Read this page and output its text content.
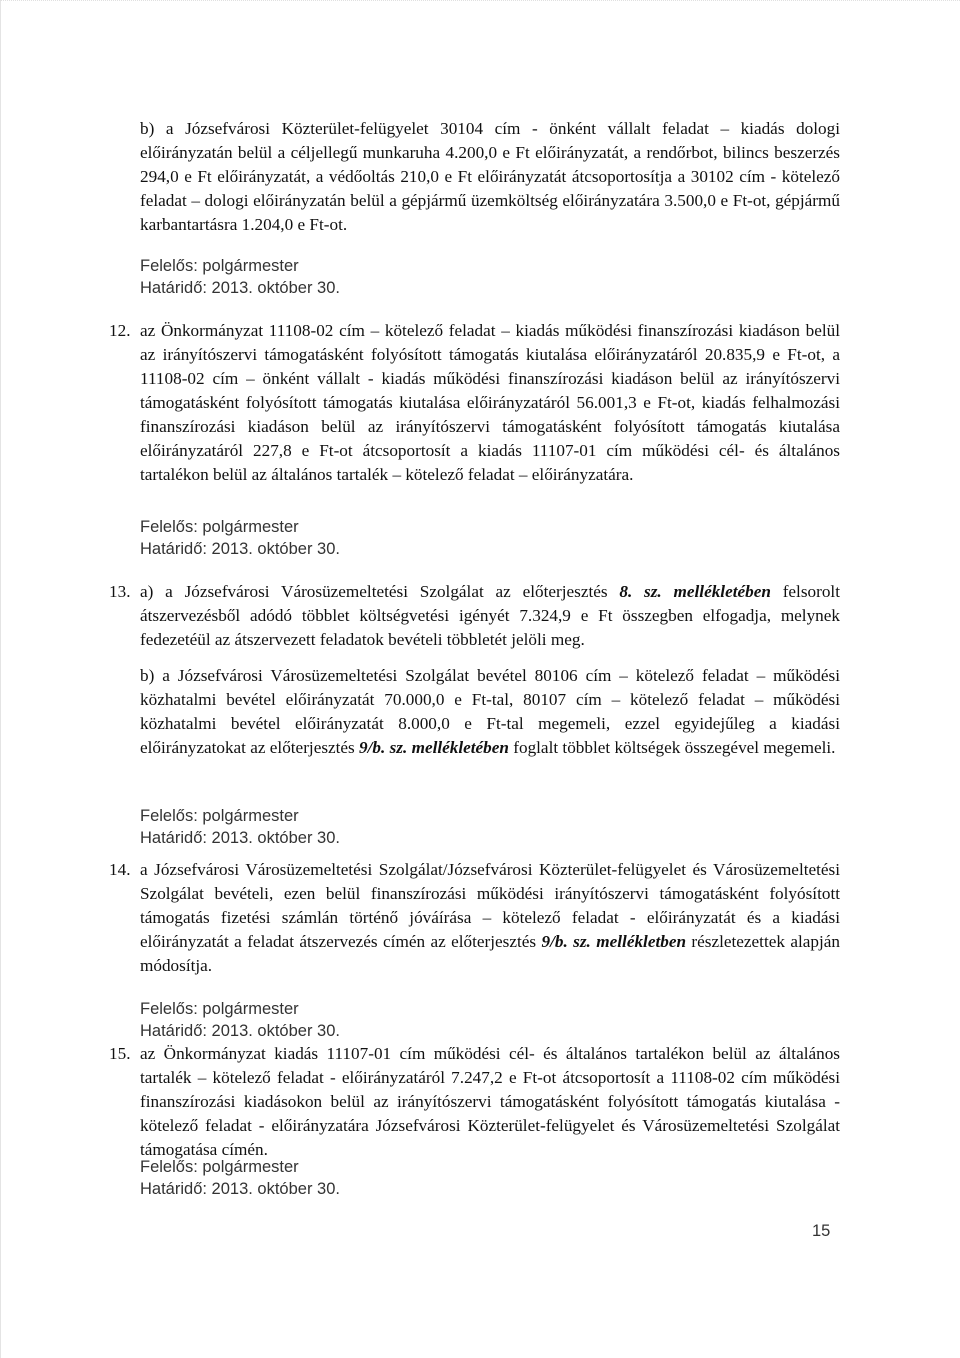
b) a Józsefvárosi Közterület-felügyelet 30104 cím - önként vállalt feladat – kiadás dologi előirányzatán belül a céljellegű munkaruha 4.200,0 e Ft előirányzatát, a rendőrbot, bilincs beszerzés 294,0 e Ft előirányzatát, a védőoltás 210,0 e Ft előirányzatát átcsoportosítja a 30102 cím - kötelező feladat – dologi előirányzatán belül a gépjármű üzemköltség előirányzatára 3.500,0 e Ft-ot, gépjármű karbantartásra 1.204,0 e Ft-ot.
Felelős: polgármester
Határidő: 2013. október 30.
12. az Önkormányzat 11108-02 cím – kötelező feladat – kiadás működési finanszírozási kiadáson belül az irányítószervi támogatásként folyósított támogatás kiutalása előirányzatáról 20.835,9 e Ft-ot, a 11108-02 cím – önként vállalt - kiadás működési finanszírozási kiadáson belül az irányítószervi támogatásként folyósított támogatás kiutalása előirányzatáról 56.001,3 e Ft-ot, kiadás felhalmozási finanszírozási kiadáson belül az irányítószervi támogatásként folyósított támogatás kiutalása előirányzatáról 227,8 e Ft-ot átcsoportosít a kiadás 11107-01 cím működési cél- és általános tartalékon belül az általános tartalék – kötelező feladat – előirányzatára.
Felelős: polgármester
Határidő: 2013. október 30.
13. a) a Józsefvárosi Városüzemeltetési Szolgálat az előterjesztés 8. sz. mellékletében felsorolt átszervezésből adódó többlet költségvetési igényét 7.324,9 e Ft összegben elfogadja, melynek fedezetéül az átszervezett feladatok bevételi többletét jelöli meg.
b) a Józsefvárosi Városüzemeltetési Szolgálat bevétel 80106 cím – kötelező feladat – működési közhatalmi bevétel előirányzatát 70.000,0 e Ft-tal, 80107 cím – kötelező feladat – működési közhatalmi bevétel előirányzatát 8.000,0 e Ft-tal megemeli, ezzel egyidejűleg a kiadási előirányzatokat az előterjesztés 9/b. sz. mellékletében foglalt többlet költségek összegével megemeli.
Felelős: polgármester
Határidő: 2013. október 30.
14. a Józsefvárosi Városüzemeltetési Szolgálat/Józsefvárosi Közterület-felügyelet és Városüzemeltetési Szolgálat bevételi, ezen belül finanszírozási működési irányítószervi támogatásként folyósított támogatás fizetési számlán történő jóváírása – kötelező feladat - előirányzatát és a kiadási előirányzatát a feladat átszervezés címén az előterjesztés 9/b. sz. mellékletben részletezettek alapján módosítja.
Felelős: polgármester
Határidő: 2013. október 30.
15. az Önkormányzat kiadás 11107-01 cím működési cél- és általános tartalékon belül az általános tartalék – kötelező feladat - előirányzatáról 7.247,2 e Ft-ot átcsoportosít a 11108-02 cím működési finanszírozási kiadásokon belül az irányítószervi támogatásként folyósított támogatás kiutalása - kötelező feladat - előirányzatára Józsefvárosi Közterület-felügyelet és Városüzemeltetési Szolgálat támogatása címén.
Felelős: polgármester
Határidő: 2013. október 30.
15
